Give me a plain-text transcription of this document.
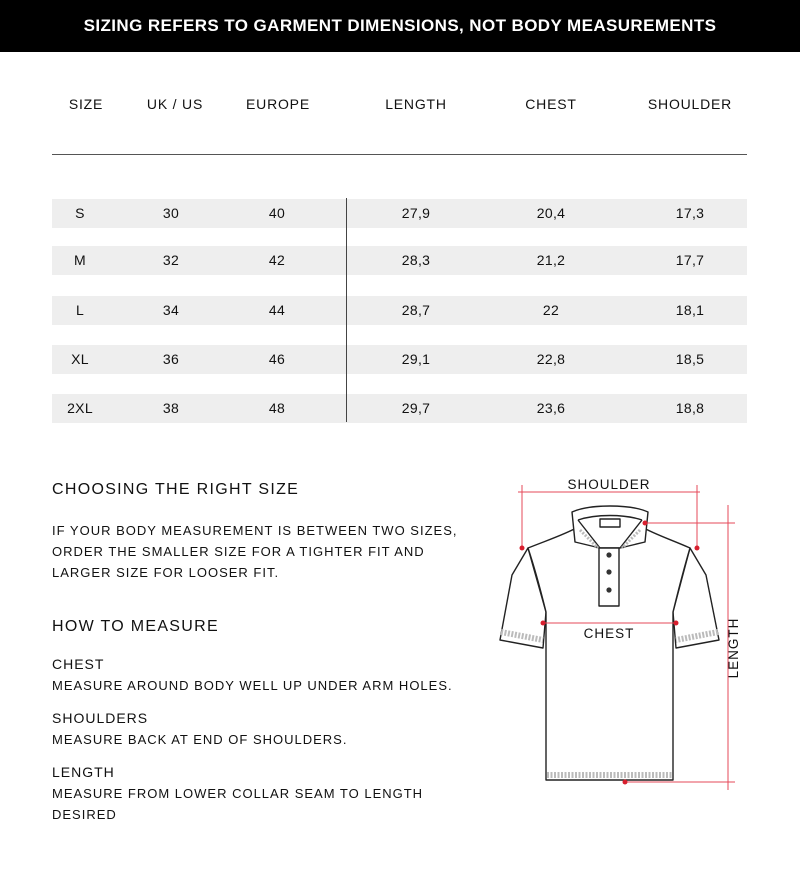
SIZING REFERS TO GARMENT DIMENSIONS, NOT BODY MEASUREMENTS
SIZE	UK / US	EUROPE	LENGTH	CHEST	SHOULDER
S	30	40	27,9	20,4	17,3
M	32	42	28,3	21,2	17,7
L	34	44	28,7	22	18,1
XL	36	46	29,1	22,8	18,5
2XL	38	48	29,7	23,6	18,8
CHOOSING THE RIGHT SIZE
IF YOUR BODY MEASUREMENT IS BETWEEN TWO SIZES,
ORDER THE SMALLER SIZE FOR A TIGHTER FIT AND
LARGER SIZE FOR LOOSER FIT.
HOW TO MEASURE
CHEST
MEASURE AROUND BODY WELL UP UNDER ARM HOLES.
SHOULDERS
MEASURE BACK AT END OF SHOULDERS.
LENGTH
MEASURE FROM LOWER COLLAR SEAM TO LENGTH
DESIRED
SHOULDER
LENGTH
CHEST
